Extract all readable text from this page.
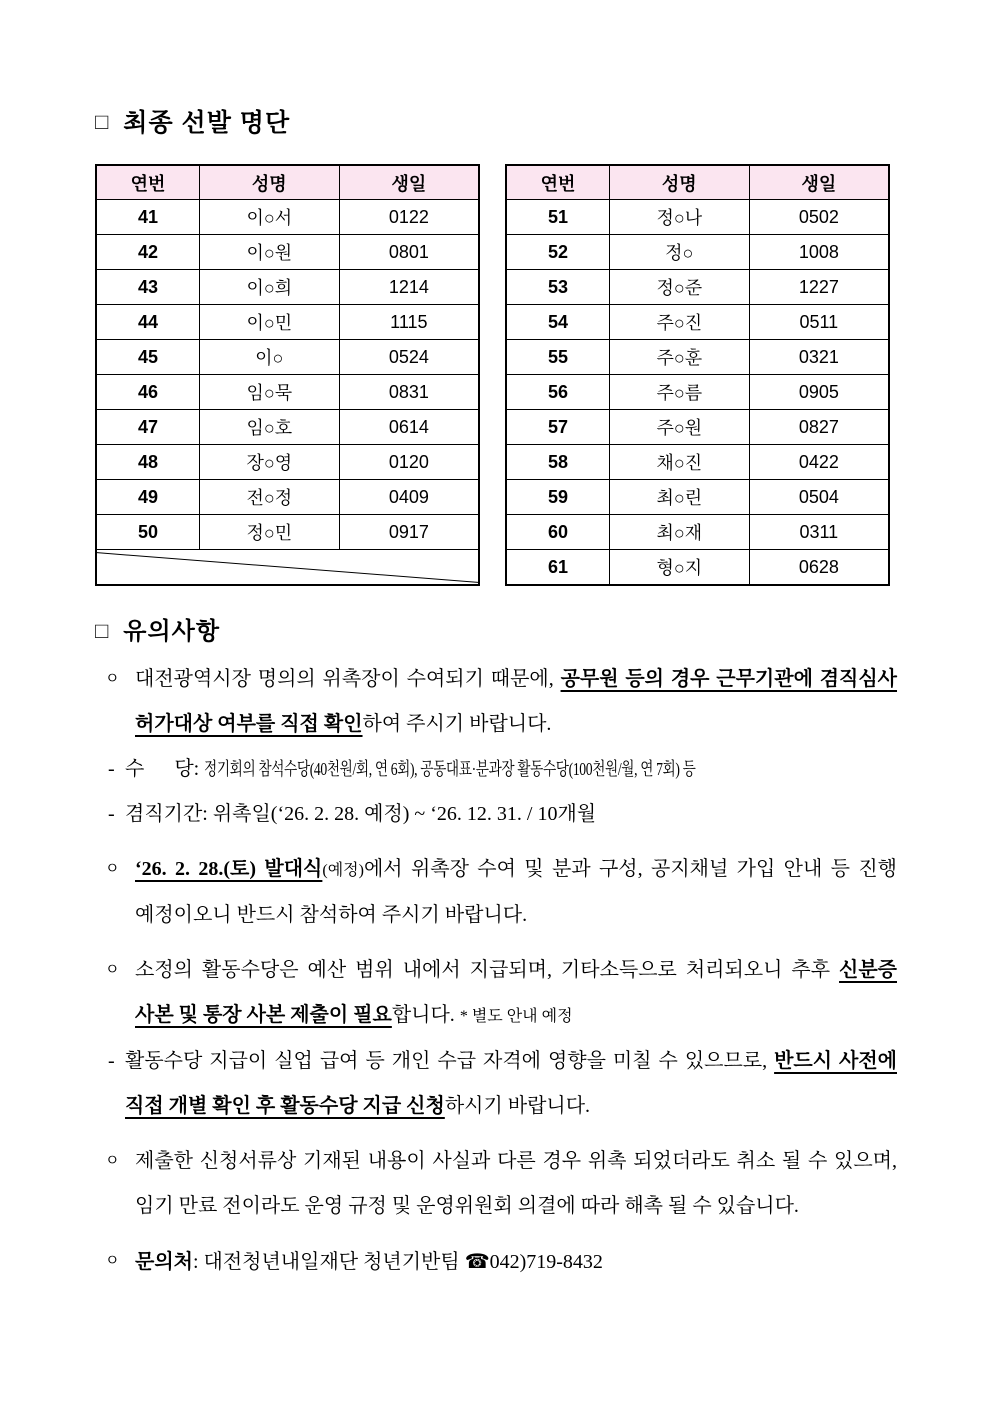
□ 최종 선발 명단
연번	성명	생일
41	이○서	0122
42	이○원	0801
43	이○희	1214
44	이○민	1115
45	이○	0524
46	임○묵	0831
47	임○호	0614
48	장○영	0120
49	전○정	0409
50	정○민	0917

연번	성명	생일
51	정○나	0502
52	정○	1008
53	정○준	1227
54	주○진	0511
55	주○훈	0321
56	주○름	0905
57	주○원	0827
58	채○진	0422
59	최○린	0504
60	최○재	0311
61	형○지	0628
□ 유의사항

ㅇ 대전광역시장 명의의 위촉장이 수여되기 때문에, 공무원 등의 경우 근무기관에 겸직심사 허가대상 여부를 직접 확인하여 주시기 바랍니다.

- 수      당: 정기회의 참석수당(40천원/회, 연 6회), 공동대표·분과장 활동수당(100천원/월, 연 7회) 등

- 겸직기간: 위촉일(‘26. 2. 28. 예정) ~ ‘26. 12. 31. / 10개월

ㅇ ‘26. 2. 28.(토) 발대식(예정)에서 위촉장 수여 및 분과 구성, 공지채널 가입 안내 등 진행 예정이오니 반드시 참석하여 주시기 바랍니다.

ㅇ 소정의 활동수당은 예산 범위 내에서 지급되며, 기타소득으로 처리되오니 추후 신분증 사본 및 통장 사본 제출이 필요합니다. * 별도 안내 예정

- 활동수당 지급이 실업 급여 등 개인 수급 자격에 영향을 미칠 수 있으므로, 반드시 사전에 직접 개별 확인 후 활동수당 지급 신청하시기 바랍니다.

ㅇ 제출한 신청서류상 기재된 내용이 사실과 다른 경우 위촉 되었더라도 취소 될 수 있으며, 임기 만료 전이라도 운영 규정 및 운영위원회 의결에 따라 해촉 될 수 있습니다.

ㅇ 문의처: 대전청년내일재단 청년기반팀 ☎042)719-8432
